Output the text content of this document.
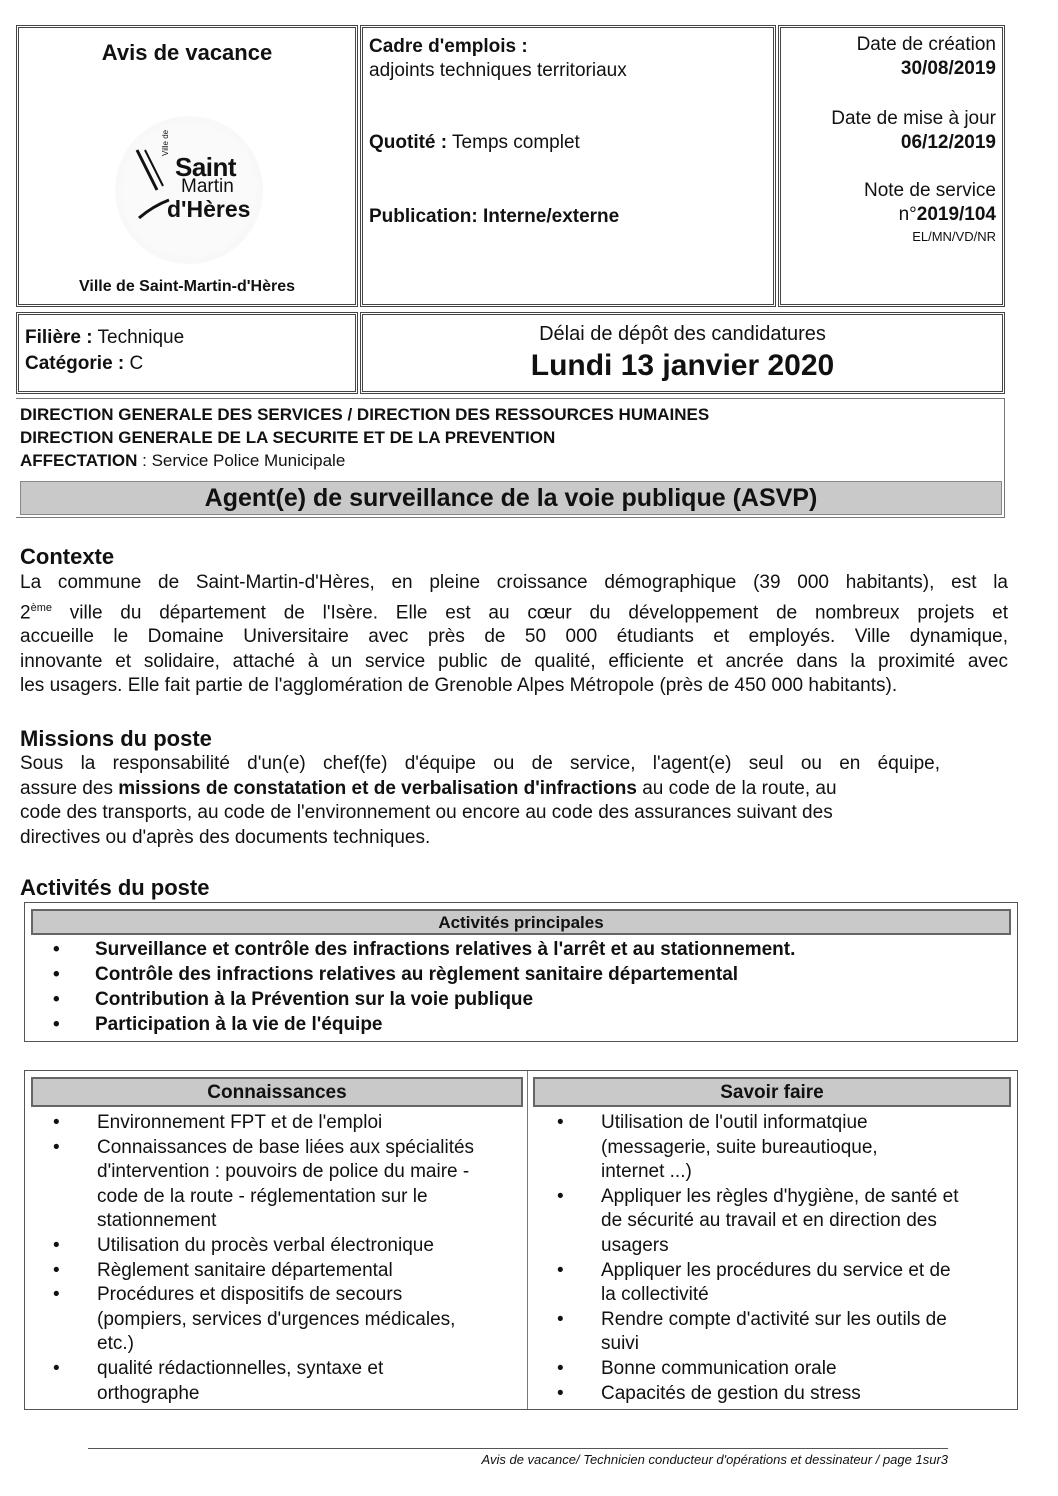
Avis de vacance
Ville de
Saint
Martin
d'Hères
Ville de Saint-Martin-d'Hères
Cadre d'emplois :
adjoints techniques territoriaux
Quotité : Temps complet
Publication: Interne/externe
Date de création
30/08/2019
Date de mise à jour
06/12/2019
Note de service
n°2019/104
EL/MN/VD/NR
Filière : Technique
Catégorie : C
Délai de dépôt des candidatures
Lundi 13 janvier 2020
DIRECTION GENERALE DES SERVICES / DIRECTION DES RESSOURCES HUMAINES
DIRECTION GENERALE DE LA SECURITE ET DE LA PREVENTION
AFFECTATION : Service Police Municipale
Agent(e) de surveillance de la voie publique (ASVP)
Contexte
La commune de Saint-Martin-d'Hères, en pleine croissance démographique (39 000 habitants), est la
2ème ville du département de l'Isère. Elle est au cœur du développement de nombreux projets et
accueille le Domaine Universitaire avec près de 50 000 étudiants et employés. Ville dynamique,
innovante et solidaire, attaché à un service public de qualité, efficiente et ancrée dans la proximité avec
les usagers. Elle fait partie de l'agglomération de Grenoble Alpes Métropole (près de 450 000 habitants).
Missions du poste
Sous la responsabilité d'un(e) chef(fe) d'équipe ou de service, l'agent(e) seul ou en équipe,
assure des missions de constatation et de verbalisation d'infractions au code de la route, au
code des transports, au code de l'environnement ou encore au code des assurances suivant des
directives ou d'après des documents techniques.
Activités du poste
Activités principales
•	Surveillance et contrôle des infractions relatives à l'arrêt et au stationnement.
•	Contrôle des infractions relatives au règlement sanitaire départemental
•	Contribution à la Prévention sur la voie publique
•	Participation à la vie de l'équipe
Connaissances	Savoir faire
•	Environnement FPT et de l'emploi
•	Connaissances de base liées aux spécialités
d'intervention : pouvoirs de police du maire -
code de la route - réglementation sur le
stationnement
•	Utilisation du procès verbal électronique
•	Règlement sanitaire départemental
•	Procédures et dispositifs de secours
(pompiers, services d'urgences médicales,
etc.)
•	qualité rédactionnelles, syntaxe et
orthographe
•	Utilisation de l'outil informatqiue
(messagerie, suite bureautioque,
internet ...)
•	Appliquer les règles d'hygiène, de santé et
de sécurité au travail et en direction des
usagers
•	Appliquer les procédures du service et de
la collectivité
•	Rendre compte d'activité sur les outils de
suivi
•	Bonne communication orale
•	Capacités de gestion du stress
Avis de vacance/ Technicien conducteur d'opérations et dessinateur / page 1sur3
